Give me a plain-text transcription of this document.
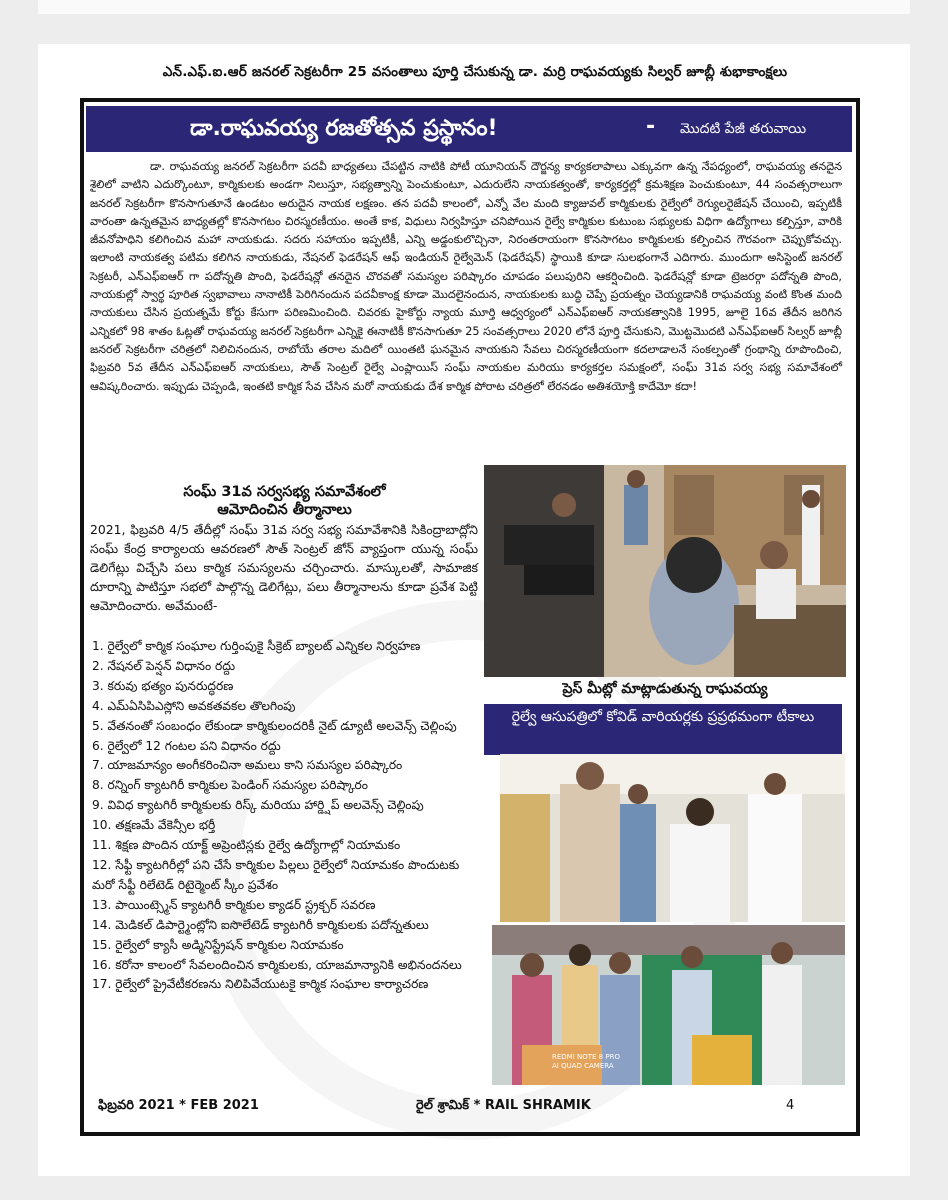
ఎన్.ఎఫ్.ఐ.ఆర్ జనరల్ సెక్రటరీగా 25 వసంతాలు పూర్తి చేసుకున్న డా. మర్రి రాఘవయ్యకు సిల్వర్ జూబ్లీ శుభాకాంక్షలు
డా.రాఘవయ్య రజతోత్సవ ప్రస్థానం!	- మొదటి పేజీ తరువాయి

డా. రాఘవయ్య జనరల్ సెక్రటరీగా పదవీ బాధ్యతలు చేపట్టిన నాటికి పోటీ యూనియన్ దౌర్జన్య కార్యకలాపాలు ఎక్కువగా ఉన్న నేపధ్యంలో, రాఘవయ్య తనదైన శైలిలో వాటిని ఎదుర్కొంటూ, కార్మికులకు అండగా నిలుస్తూ, సభ్యత్వాన్ని పెంచుకుంటూ, ఎదురులేని నాయకత్వంతో, కార్యకర్తల్లో క్రమశిక్షణ పెంచుకుంటూ, 44 సంవత్సరాలుగా జనరల్ సెక్రటరీగా కొనసాగుతూనే ఉండటం అరుదైన నాయక లక్షణం. తన పదవీ కాలంలో, ఎన్నో వేల మంది క్యాజువల్ కార్మికులకు రైల్వేలో రెగ్యులరైజేషన్ చేయించి, ఇప్పటికీ వారంతా ఉన్నతమైన బాధ్యతల్లో కొనసాగటం చిరస్మరణీయం. అంతే కాక, విధులు నిర్వహిస్తూ చనిపోయిన రైల్వే కార్మికుల కుటుంబ సభ్యులకు విధిగా ఉద్యోగాలు కల్పిస్తూ, వారికి జీవనోపాధిని కలిగించిన మహా నాయకుడు. సదరు సహాయం ఇప్పటికీ, ఎన్ని అడ్డంకులొచ్చినా, నిరంతరాయంగా కొనసాగటం కార్మికులకు కల్పించిన గౌరవంగా చెప్పుకోవచ్చు. ఇలాంటి నాయకత్వ పటిమ కలిగిన నాయకుడు, నేషనల్ ఫెడరేషన్ ఆఫ్ ఇండియన్ రైల్వేమెన్ (ఫెడరేషన్) స్థాయికి కూడా సులభంగానే ఎదిగారు. ముందుగా అసిస్టెంట్ జనరల్ సెక్రటరీ, ఎన్ఎఫ్ఐఆర్ గా పదోన్నతి పొంది, ఫెడరేషన్లో తనదైన చొరవతో సమస్యల పరిష్కారం చూపడం పలుపురిని ఆకర్షించింది. ఫెడరేషన్లో కూడా ట్రెజరర్గా పదోన్నతి పొంది, నాయకుల్లో స్వార్థ పూరిత స్వభావాలు నానాటికీ పెరిగినందున పదవీకాంక్ష కూడా మొదలైనందున, నాయకులకు బుద్ధి చెప్పే ప్రయత్నం చెయ్యడానికి రాఘవయ్య వంటి కొంత మంది నాయకులు చేసిన ప్రయత్నమే కోర్టు కేసుగా పరిణమించింది. చివరకు హైకోర్టు న్యాయ మూర్తి ఆధ్వర్యంలో ఎన్ఎఫ్ఐఆర్ నాయకత్వానికి 1995, జూలై 16వ తేదీన జరిగిన ఎన్నికలో 98 శాతం ఓట్లతో రాఘవయ్య జనరల్ సెక్రటరీగా ఎన్నికై ఈనాటికీ కొనసాగుతూ 25 సంవత్సరాలు 2020 లోనే పూర్తి చేసుకుని, మొట్టమొదటి ఎన్ఎఫ్ఐఆర్ సిల్వర్ జూబ్లీ జనరల్ సెక్రటరీగా చరిత్రలో నిలిచినందున, రాబోయే తరాల మదిలో యింతటి ఘనమైన నాయకుని సేవలు చిరస్మరణీయంగా కదలాడాలనే సంకల్పంతో గ్రంథాన్ని రూపొందించి, ఫిబ్రవరి 5వ తేదీన ఎన్ఎఫ్ఐఆర్ నాయకులు, సౌత్ సెంట్రల్ రైల్వే ఎంప్లాయిస్ సంఘ్ నాయకుల మరియు కార్యకర్తల సమక్షంలో, సంఘ్ 31వ సర్వ సభ్య సమావేశంలో ఆవిష్కరించారు. ఇప్పుడు చెప్పండి, ఇంతటి కార్మిక సేవ చేసిన మరో నాయకుడు దేశ కార్మిక పోరాట చరిత్రలో లేరనడం అతిశయోక్తి కాదేమో కదా!

సంఘ్ 31వ సర్వసభ్య సమావేశంలో
ఆమోదించిన తీర్మానాలు
2021, ఫిబ్రవరి 4/5 తేదీల్లో సంఘ్ 31వ సర్వ సభ్య సమావేశానికి సికింద్రాబాద్లోని సంఘ్ కేంద్ర కార్యాలయ ఆవరణలో సౌత్ సెంట్రల్ జోన్ వ్యాప్తంగా యున్న సంఘ్ డెలిగేట్లు విచ్చేసి పలు కార్మిక సమస్యలను చర్చించారు. మాస్కులతో, సామాజిక దూరాన్ని పాటిస్తూ సభలో పాల్గొన్న డెలిగేట్లు, పలు తీర్మానాలను కూడా ప్రవేశ పెట్టి ఆమోదించారు. అవేమంటే-
1. రైల్వేలో కార్మిక సంఘాల గుర్తింపుకై సీక్రెట్ బ్యాలట్ ఎన్నికల నిర్వహణ
2. నేషనల్ పెన్షన్ విధానం రద్దు
3. కరువు భత్యం పునరుద్ధరణ
4. ఎమ్ఏసిపిఎస్లోని అవకతవకల తొలగింపు
5. వేతనంతో సంబంధం లేకుండా కార్మికులందరికీ నైట్ డ్యూటీ అలవెన్స్ చెల్లింపు
6. రైల్వేలో 12 గంటల పని విధానం రద్దు
7. యాజమాన్యం అంగీకరించినా అమలు కాని సమస్యల పరిష్కారం
8. రన్నింగ్ క్యాటగిరీ కార్మికుల పెండింగ్ సమస్యల పరిష్కారం
9. వివిధ క్యాటగిరీ కార్మికులకు రిస్క్ మరియు హార్డ్షిప్ అలవెన్స్ చెల్లింపు
10. తక్షణమే వేకెన్సీల భర్తీ
11. శిక్షణ పొందిన యాక్ట్ అప్రెంటిస్లకు రైల్వే ఉద్యోగాల్లో నియామకం
12. సేఫ్టీ క్యాటగిరీల్లో పని చేసే కార్మికుల పిల్లలు రైల్వేలో నియామకం పొందుటకు మరో సేఫ్టీ రిలేటెడ్ రిటైర్మెంట్ స్కీం ప్రవేశం
13. పాయింట్స్మెన్ క్యాటగిరీ కార్మికుల క్యాడర్ స్ట్రక్చర్ సవరణ
14. మెడికల్ డిపార్ట్మెంట్లోని ఐసొలేటెడ్ క్యాటగిరీ కార్మికులకు పదోన్నతులు
15. రైల్వేలో క్యాసీ అడ్మినిస్ట్రేషన్ కార్మికుల నియామకం
16. కరోనా కాలంలో సేవలందించిన కార్మికులకు, యాజమాన్యానికి అభినందనలు
17. రైల్వేలో ప్రైవేటీకరణను నిలిపివేయుటకై కార్మిక సంఘాల కార్యాచరణ
ప్రెస్ మీట్లో మాట్లాడుతున్న రాఘవయ్య
రైల్వే ఆసుపత్రిలో కోవిడ్ వారియర్లకు ప్రప్రథమంగా టీకాలు
REDMI NOTE 8 PRO
AI QUAD CAMERA
ఫిబ్రవరి 2021 * FEB 2021	రైల్ శ్రామిక్ * RAIL SHRAMIK	4
